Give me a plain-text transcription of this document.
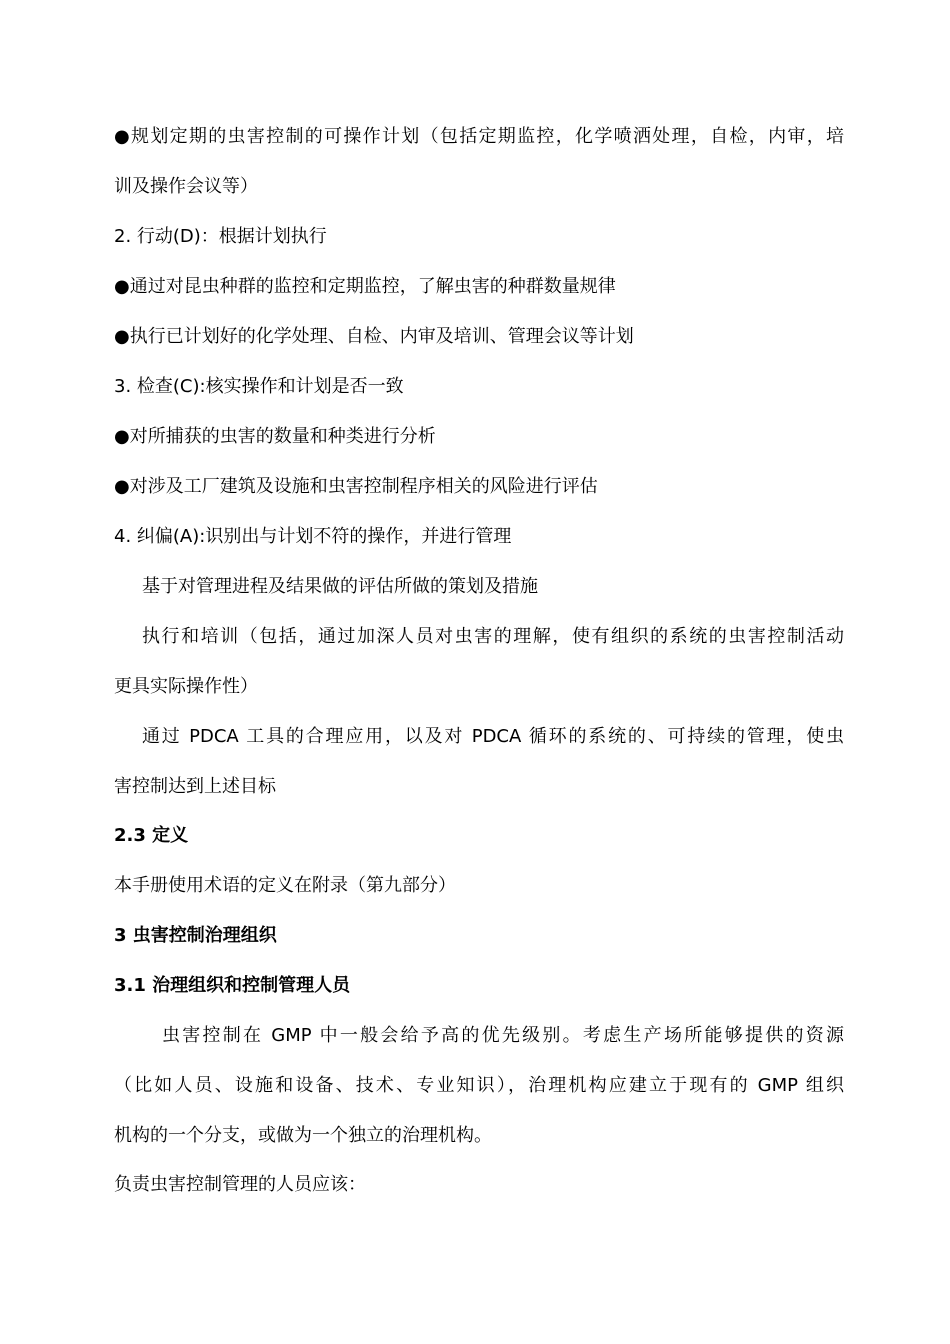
●规划定期的虫害控制的可操作计划（包括定期监控，化学喷洒处理，自检，内审，培
训及操作会议等）
2. 行动(D)：根据计划执行
●通过对昆虫种群的监控和定期监控，了解虫害的种群数量规律
●执行已计划好的化学处理、自检、内审及培训、管理会议等计划
3. 检查(C):核实操作和计划是否一致
●对所捕获的虫害的数量和种类进行分析
●对涉及工厂建筑及设施和虫害控制程序相关的风险进行评估
4. 纠偏(A):识别出与计划不符的操作，并进行管理
基于对管理进程及结果做的评估所做的策划及措施
执行和培训（包括，通过加深人员对虫害的理解，使有组织的系统的虫害控制活动
更具实际操作性）
通过 PDCA 工具的合理应用，以及对 PDCA 循环的系统的、可持续的管理，使虫
害控制达到上述目标
2.3 定义
本手册使用术语的定义在附录（第九部分）
3 虫害控制治理组织
3.1 治理组织和控制管理人员
虫害控制在 GMP 中一般会给予高的优先级别。考虑生产场所能够提供的资源
（比如人员、设施和设备、技术、专业知识），治理机构应建立于现有的 GMP 组织
机构的一个分支，或做为一个独立的治理机构。
负责虫害控制管理的人员应该：
